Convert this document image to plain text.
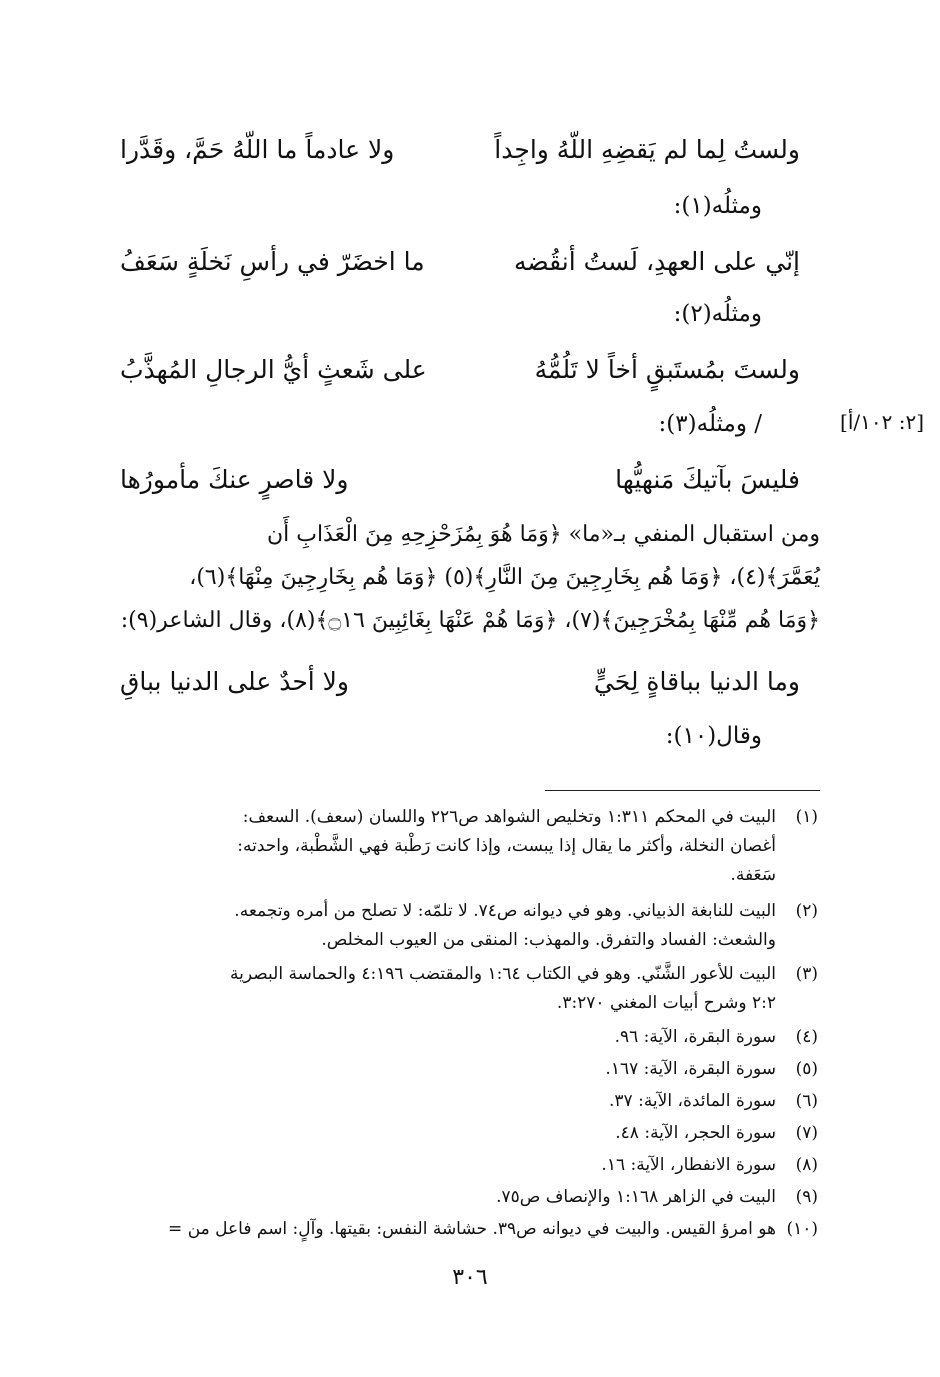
ولستُ لِما لم يَقضِهِ اللّهُ واجِداً
ولا عادماً ما اللّهُ حَمَّ، وقَدَّرا
ومثلُه(١):
إنّي على العهدِ، لَستُ أنقُضه
ما اخضَرّ في رأسِ نَخلَةٍ سَعَفُ
ومثلُه(٢):
ولستَ بمُستَبقٍ أخاً لا تَلُمُّهُ
على شَعثٍ أيُّ الرجالِ المُهذَّبُ
/ ومثلُه(٣):	[٢: ١٠٢/أ]
فليسَ بآتيكَ مَنهيُّها
ولا قاصرٍ عنكَ مأمورُها
ومن استقبال المنفي بـ«ما» ﴿وَمَا هُوَ بِمُزَحْزِحِهِ مِنَ الْعَذَابِ أَن
يُعَمَّرَ﴾(٤)، ﴿وَمَا هُم بِخَارِجِينَ مِنَ النَّارِ﴾(٥) ﴿وَمَا هُم بِخَارِجِينَ مِنْهَا﴾(٦)،
﴿وَمَا هُم مِّنْهَا بِمُخْرَجِينَ﴾(٧)، ﴿وَمَا هُمْ عَنْهَا بِغَائِبِينَ ۝١٦﴾(٨)، وقال الشاعر(٩):
وما الدنيا بباقاةٍ لِحَيٍّ
ولا أحدٌ على الدنيا بباقِ
وقال(١٠):
(١)
البيت في المحكم ١:٣١١ وتخليص الشواهد ص٢٢٦ واللسان (سعف). السعف:
أغصان النخلة، وأكثر ما يقال إذا يبست، وإذا كانت رَطْبة فهي الشَّطْبة، واحدته:
سَعَفة.
(٢)
البيت للنابغة الذبياني. وهو في ديوانه ص٧٤. لا تلمّه: لا تصلح من أمره وتجمعه.
والشعث: الفساد والتفرق. والمهذب: المنقى من العيوب المخلص.
(٣)
البيت للأعور الشَّنّي. وهو في الكتاب ١:٦٤ والمقتضب ٤:١٩٦ والحماسة البصرية
٢:٢ وشرح أبيات المغني ٣:٢٧٠.
(٤)
سورة البقرة، الآية: ٩٦.
(٥)
سورة البقرة، الآية: ١٦٧.
(٦)
سورة المائدة، الآية: ٣٧.
(٧)
سورة الحجر، الآية: ٤٨.
(٨)
سورة الانفطار، الآية: ١٦.
(٩)
البيت في الزاهر ١:١٦٨ والإنصاف ص٧٥.
(١٠)
هو امرؤ القيس. والبيت في ديوانه ص٣٩. حشاشة النفس: بقيتها. وآلٍ: اسم فاعل من =
٣٠٦
